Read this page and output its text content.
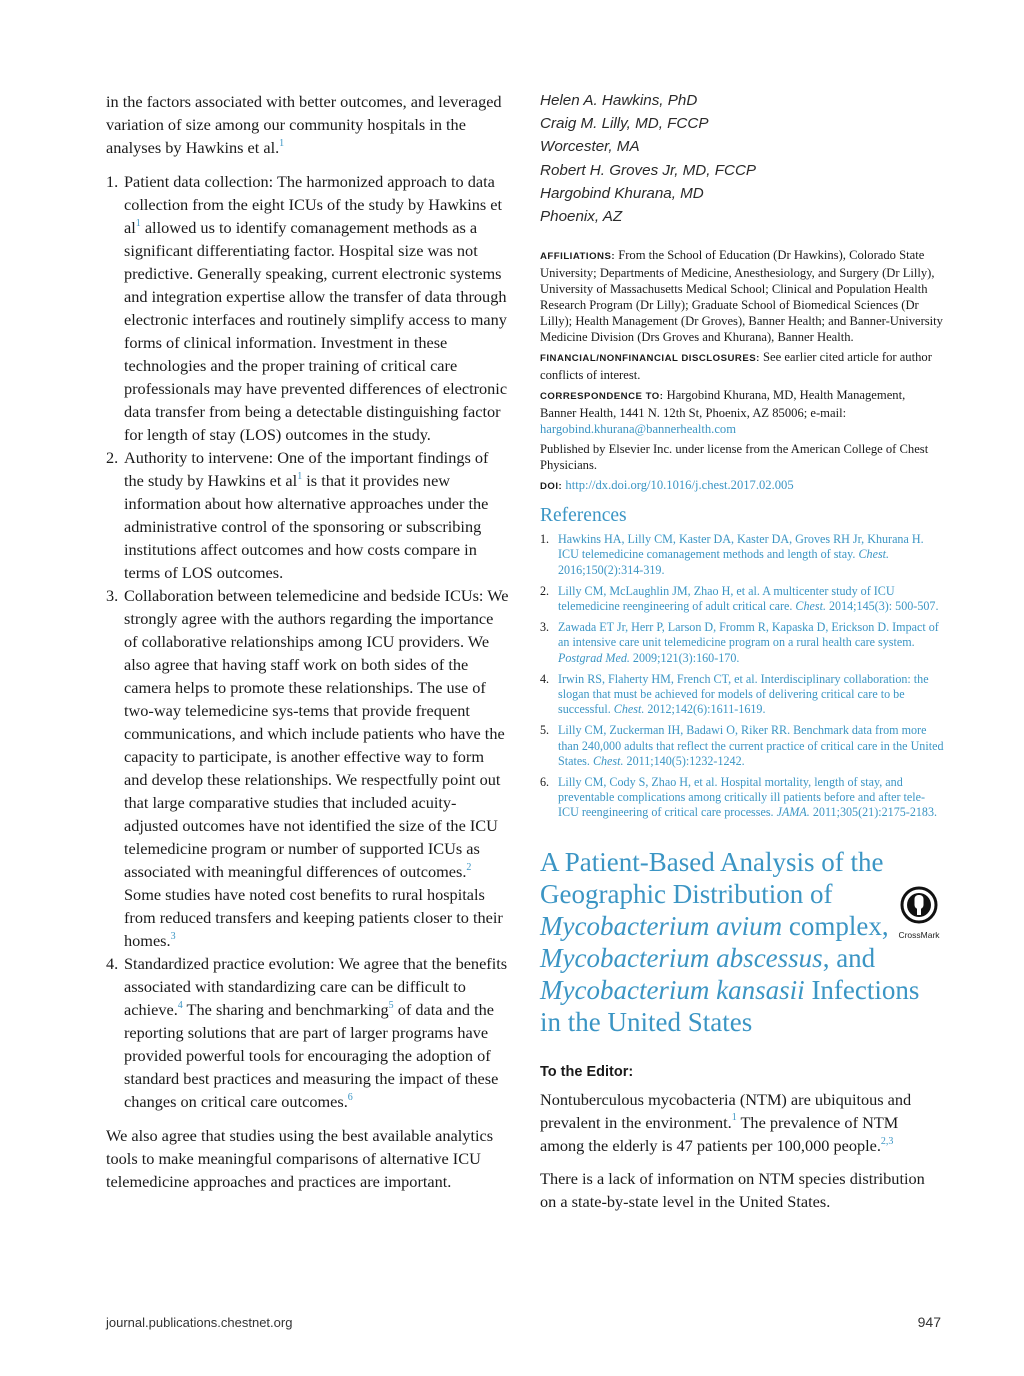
in the factors associated with better outcomes, and leveraged variation of size among our community hospitals in the analyses by Hawkins et al.$^1$

1. Patient data collection: The harmonized approach to data collection from the eight ICUs of the study by Hawkins et $al^1$ allowed us to identify comanagement methods as a significant differentiating factor. Hospital size was not predictive. Generally speaking, current electronic systems and integration expertise allow the transfer of data through electronic interfaces and routinely simplify access to many forms of clinical information. Investment in these technologies and the proper training of critical care professionals may have prevented differences of electronic data transfer from being a detectable distinguishing factor for length of stay (LOS) outcomes in the study.
2. Authority to intervene: One of the important findings of the study by Hawkins et $al^1$ is that it provides new information about how alternative approaches under the administrative control of the sponsoring or subscribing institutions affect outcomes and how costs compare in terms of LOS outcomes.
3. Collaboration between telemedicine and bedside ICUs: We strongly agree with the authors regarding the importance of collaborative relationships among ICU providers. We also agree that having staff work on both sides of the camera helps to promote these relationships. The use of two-way telemedicine sys-tems that provide frequent communications, and which include patients who have the capacity to participate, is another effective way to form and develop these relationships. We respectfully point out that large comparative studies that included acuity-adjusted outcomes have not identified the size of the ICU telemedicine program or number of supported ICUs as associated with meaningful differences of outcomes.$^2$ Some studies have noted cost benefits to rural hospitals from reduced transfers and keeping patients closer to their homes.$^3$
4. Standardized practice evolution: We agree that the benefits associated with standardizing care can be difficult to achieve.$^4$ The sharing and benchmarking$^5$ of data and the reporting solutions that are part of larger programs have provided powerful tools for encouraging the adoption of standard best practices and measuring the impact of these changes on critical care outcomes.$^6$

We also agree that studies using the best available analytics tools to make meaningful comparisons of alternative ICU telemedicine approaches and practices are important.

Helen A. Hawkins, PhD
Craig M. Lilly, MD, FCCP
Worcester, MA
Robert H. Groves Jr, MD, FCCP
Hargobind Khurana, MD
Phoenix, AZ

AFFILIATIONS: From the School of Education (Dr Hawkins), Colorado State University; Departments of Medicine, Anesthesiology, and Surgery (Dr Lilly), University of Massachusetts Medical School; Clinical and Population Health Research Program (Dr Lilly); Graduate School of Biomedical Sciences (Dr Lilly); Health Management (Dr Groves), Banner Health; and Banner-University Medicine Division (Drs Groves and Khurana), Banner Health.

FINANCIAL/NONFINANCIAL DISCLOSURES: See earlier cited article for author conflicts of interest.

CORRESPONDENCE TO: Hargobind Khurana, MD, Health Management, Banner Health, 1441 N. 12th St, Phoenix, AZ 85006; e-mail: hargobind.khurana@bannerhealth.com

Published by Elsevier Inc. under license from the American College of Chest Physicians.

DOI: http://dx.doi.org/10.1016/j.chest.2017.02.005

References
1. Hawkins HA, Lilly CM, Kaster DA, Kaster DA, Groves RH Jr, Khurana H. ICU telemedicine comanagement methods and length of stay. Chest. 2016;150(2):314-319.
2. Lilly CM, McLaughlin JM, Zhao H, et al. A multicenter study of ICU telemedicine reengineering of adult critical care. Chest. 2014;145(3): 500-507.
3. Zawada ET Jr, Herr P, Larson D, Fromm R, Kapaska D, Erickson D. Impact of an intensive care unit telemedicine program on a rural health care system. Postgrad Med. 2009;121(3):160-170.
4. Irwin RS, Flaherty HM, French CT, et al. Interdisciplinary collaboration: the slogan that must be achieved for models of delivering critical care to be successful. Chest. 2012;142(6):1611-1619.
5. Lilly CM, Zuckerman IH, Badawi O, Riker RR. Benchmark data from more than 240,000 adults that reflect the current practice of critical care in the United States. Chest. 2011;140(5):1232-1242.
6. Lilly CM, Cody S, Zhao H, et al. Hospital mortality, length of stay, and preventable complications among critically ill patients before and after tele-ICU reengineering of critical care processes. JAMA. 2011;305(21):2175-2183.
A Patient-Based Analysis of the Geographic Distribution of Mycobacterium avium complex, Mycobacterium abscessus, and Mycobacterium kansasii Infections in the United States
CrossMark
To the Editor:

Nontuberculous mycobacteria (NTM) are ubiquitous and prevalent in the environment.$^1$ The prevalence of NTM among the elderly is 47 patients per 100,000 people.$^{2,3}$

There is a lack of information on NTM species distribution on a state-by-state level in the United States.

journal.publications.chestnet.org	947
